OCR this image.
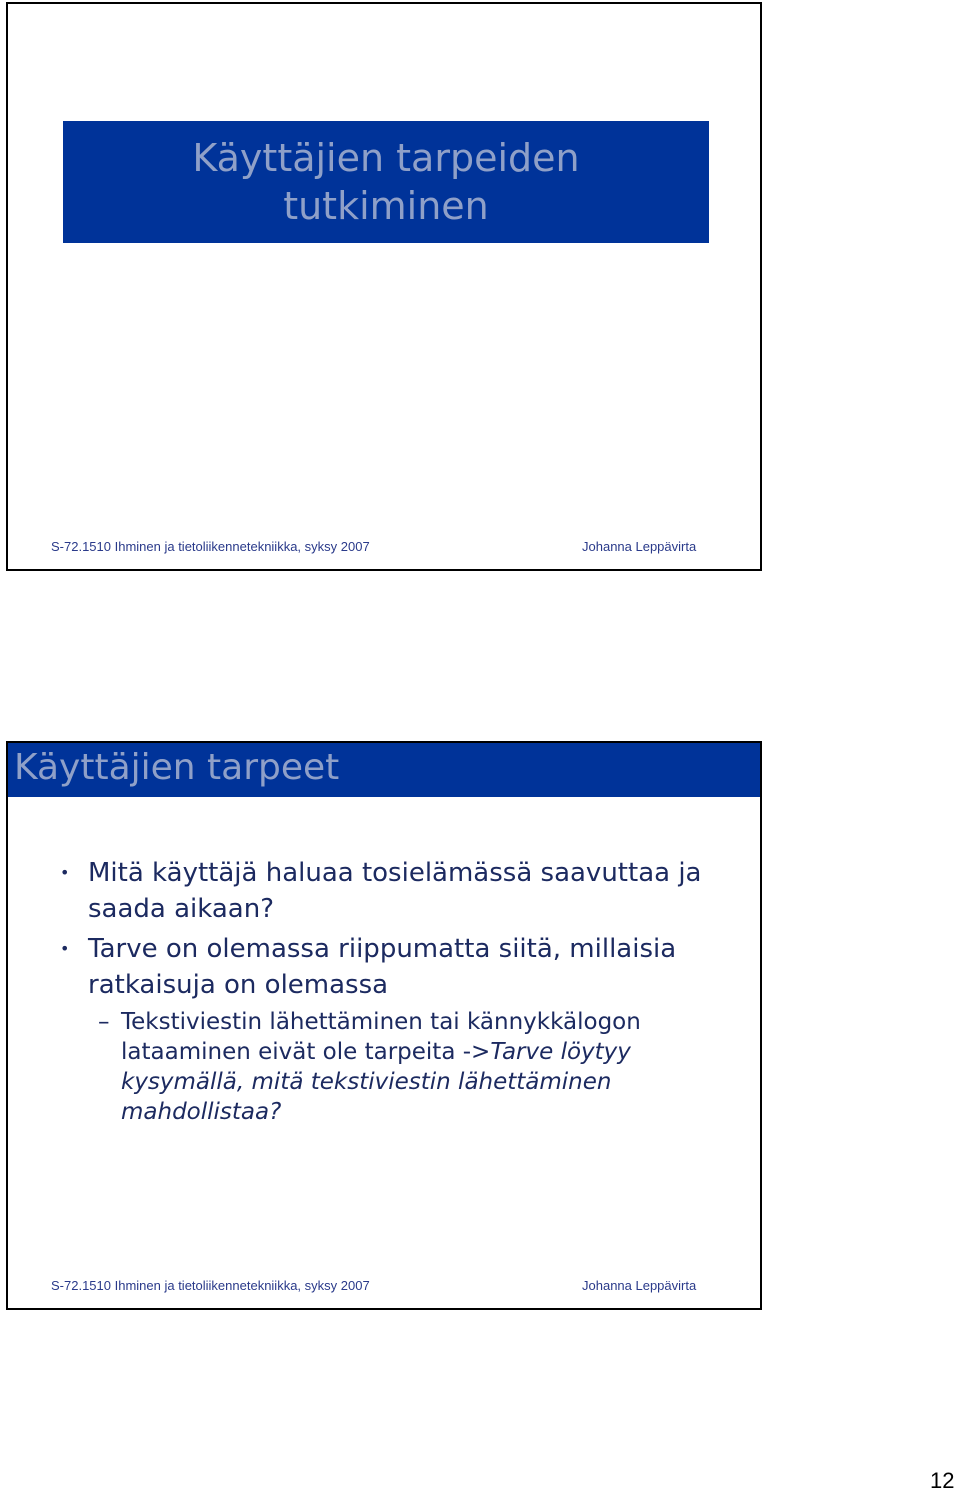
Käyttäjien tarpeiden tutkiminen
S-72.1510 Ihminen ja tietoliikennetekniikka, syksy 2007	Johanna Leppävirta
Käyttäjien tarpeet
• Mitä käyttäjä haluaa tosielämässä saavuttaa ja saada aikaan?
• Tarve on olemassa riippumatta siitä, millaisia ratkaisuja on olemassa
– Tekstiviestin lähettäminen tai kännykkälogon lataaminen eivät ole tarpeita ->Tarve löytyy kysymällä, mitä tekstiviestin lähettäminen mahdollistaa?
S-72.1510 Ihminen ja tietoliikennetekniikka, syksy 2007	Johanna Leppävirta
12
